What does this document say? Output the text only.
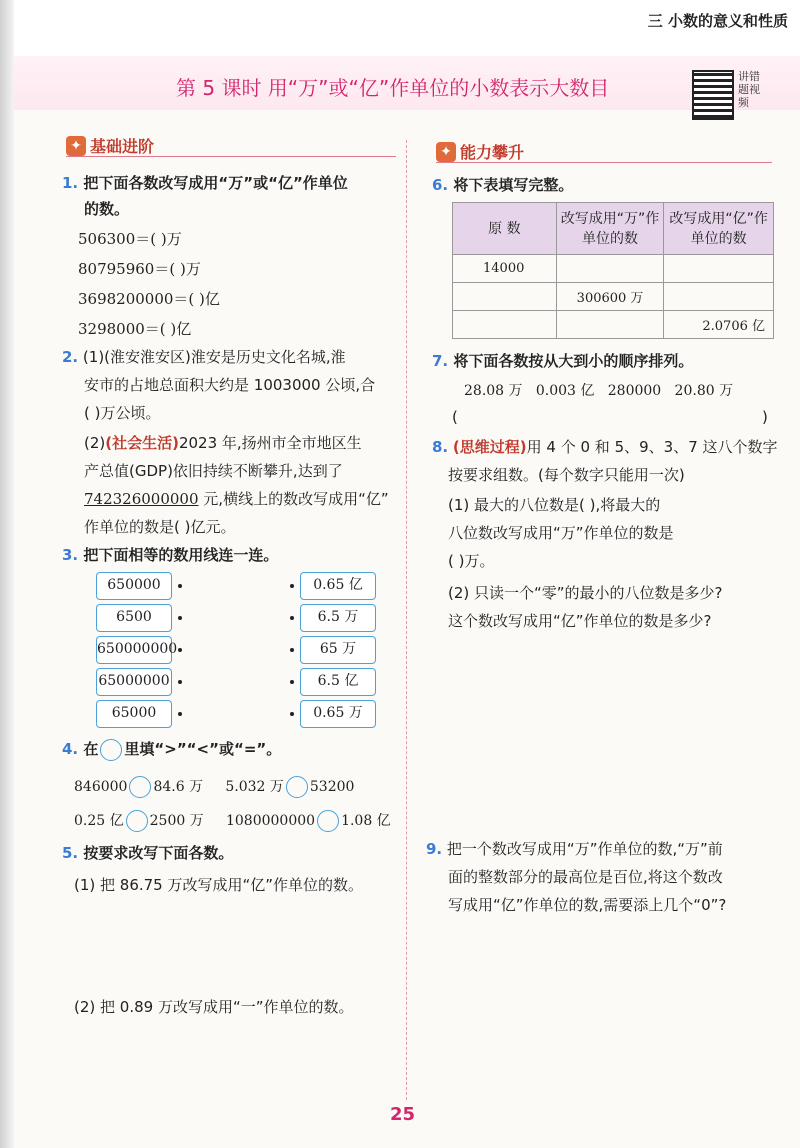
三 小数的意义和性质
第 5 课时 用“万”或“亿”作单位的小数表示大数目	讲错题视频
✦ 基础进阶	✦ 能力攀升
1. 把下面各数改写成用“万”或“亿”作单位
的数。
506300＝( )万
80795960＝( )万
3698200000＝( )亿
3298000＝( )亿
2. (1)(淮安淮安区)淮安是历史文化名城,淮
安市的占地总面积大约是 1003000 公顷,合
( )万公顷。
(2)(社会生活)2023 年,扬州市全市地区生
产总值(GDP)依旧持续不断攀升,达到了
742326000000 元,横线上的数改写成用“亿”
作单位的数是( )亿元。
3. 把下面相等的数用线连一连。
650000
6500
650000000
65000000
65000
0.65 亿
6.5 万
65 万
6.5 亿
0.65 万
4. 在 里填“>”“<”或“=”。
846000 84.6 万 5.032 万 53200
0.25 亿 2500 万 1080000000 1.08 亿
5. 按要求改写下面各数。
(1) 把 86.75 万改写成用“亿”作单位的数。
(2) 把 0.89 万改写成用“一”作单位的数。
6. 将下表填写完整。
原 数	改写成用“万”作单位的数	改写成用“亿”作单位的数
14000		
	300600 万	
		2.0706 亿
7. 将下面各数按从大到小的顺序排列。
28.08 万   0.003 亿   280000   20.80 万
(	)
8. (思维过程)用 4 个 0 和 5、9、3、7 这八个数字
按要求组数。(每个数字只能用一次)
(1) 最大的八位数是( ),将最大的
八位数改写成用“万”作单位的数是
( )万。
(2) 只读一个“零”的最小的八位数是多少?
这个数改写成用“亿”作单位的数是多少?
9. 把一个数改写成用“万”作单位的数,“万”前
面的整数部分的最高位是百位,将这个数改
写成用“亿”作单位的数,需要添上几个“0”?
25
